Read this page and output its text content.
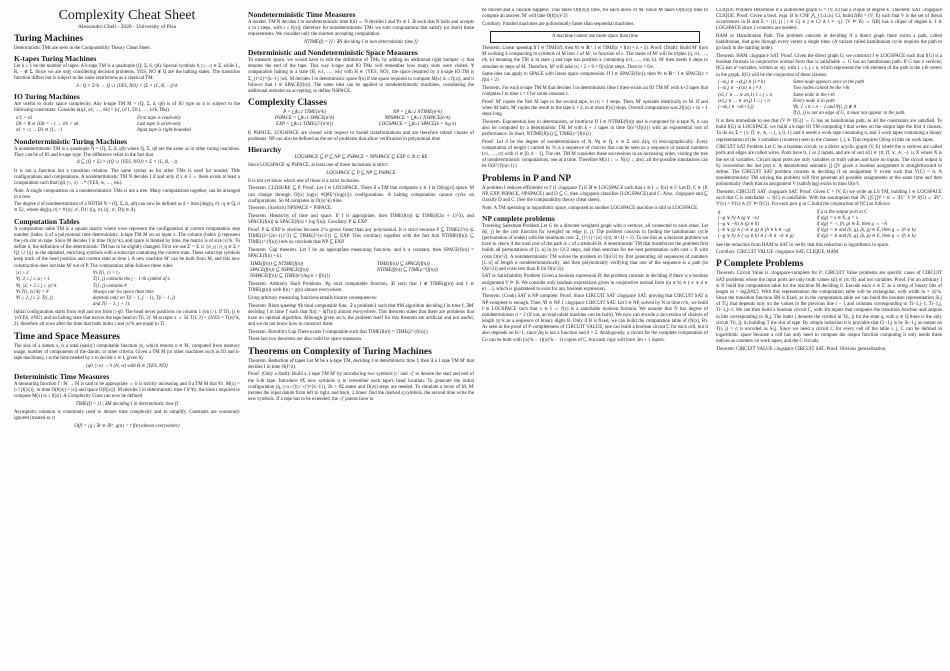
Complexity Cheat Sheet
Alessandro Cheli - 2020 - University of Pisa
Turing Machines
Deterministic TMs are seen in the Computability Theory Cheat Sheet.
K-tapes Turing Machines
Let k ≥ 1 be the number of tapes. A k-tape TM is a quadruple (Q, Σ, δ, q0). Special symbols #, ▷, ◁ ∈ Σ, while L, R, – ∉ Σ. Since we are only considering decision problems, YES, NO ∉ Q are the halting states. The transition function differs but is subject to the same restrictions as a classical TM.
δ : Q × Σ^k → Q ∪ {YES, NO} × (Σ × {L, R, −})^k
IO Turing Machines
Are useful to study space complexity. Any k-tape TM M = (Q, Σ, δ, q0) is of IO type so it is subject to the following constraints. Consider δ(q1, σ1, …, σk) = (q', (σ'1, D1), …, (σ'k, Dk)).
σ'1 = σ1	First tape is read-only
Dk = R or (Dk = −) → σ'k = σk	Last tape is write-only
σ1 = ◁ → D1 ∈ {L, −}	Input tape is right-bounded
Nondeterministic Turing Machines
A nondeterministic TM is a quadruple N = (Q, Σ, Δ, q0) where Q, Σ, q0 are the same as in other turing machines. They can be of IO and k-tape type. The difference relies in the fact that
Δ ⊆ (Q × Σ) × ((Q ∪ {YES, NO}) × Σ × {L, R, −})
It is not a function but a transition relation. The same syntax as for other TMs is used for nondet. TMs configurations and computations. A nondeterministic TM N decides I if and only if x ∈ I ⇔ there exists at least a computation such that (q0, ▷, x) →* (YES, w, …, wk).
Note. A single computation on a nondeterministic TMs is not a tree. Many computations together, can be arranged in a tree.
The degree d of nondeterminism of a NDTM N = (Q, Σ, Δ, q0) can now be defined as d = max{deg(q, σ) | q ∈ Q, σ ∈ Σ}, where deg(q, σ) = #{(q', σ', D) | ((q, σ), (q', σ', D)) ∈ Δ}
Computation Tables
A computation table TM is a square matrix where rows represent the configuration at current computation step number (index i) of a polynomial time deterministic, k-tape TM M on an input x. The column (index j) represent the j-th slot on tape. Since M decides I in time O(|x|^k), and space is limited by time, the matrix is of size |x|^k. To define it, the definition of the deterministic TM has to be slightly changed. First we use Σ' = Σ ∪ {σ_q | σ_q ∈ Σ × Q} ∪ {q} as the alphabet, enriching symbols with a subscript containing the current state. These subscript symbols keep track of the head position and current state at time i. A new machine M' can be built from M, and this new construction does not take M' out of P. The computation table follows these rules:
|x| ≥ 2	∀i.T(i, 1) = ▷
∀j. 2 ≤ j ≤ |x| + 1	T(1, j) contains the j − 1-th symbol of x
∀j. |x| + 2 ≤ j ≤ |x|^k	T(1, j) contains #
∀i.T(i, |x|^k) = #	Always our les space than time
∀i ≥ 2, j ≥ 2. T(i, j)	depends only on T(i − 1, j − 1), T(i − 1, j)
	and T(i − 1, j + 1).
Initial configuration starts from σq0 and not from ▷q0. The head never positions on column 1 (on ▷). If T(i, j) ∈ {σYES, σNO} and an halting state that moves the tape head to T(i, 2). M accepts x ⇔ ∃i. T(i, 2) = σYES = T(|x|^k, 2), therefore all rows after the time that halts index i and |x|^k are equal to Ti.
Time and Space Measures
The size of a datum x, is a total (easily) computable function |x|, which returns n ∈ ℕ, computed from memory usage, number of components of the datum, or other criteria. Given a TM M (or other machines such as IO and k-tape machines), t is the time needed by x to decide x ∈ I, given by
(q0, ▷x) →^t (H, w) with H ∈ {YES, NO}
Deterministic Time Measures
A measuring function f : ℕ → ℕ is said to be appropriate ⇔ it is strictly increasing and ∃ a TM M that ∀x. M(x) = ▷^{f(|x|)}, in time O(f(|x|) + |x|) and space O(f(|x|)). M decides I in deterministic time f if ∀x, the time t required to compute M(x) is ≤ f(|x|). A Complexity Class can now be defined:
TIME(f) = {I | ∃M deciding I in deterministic time f}
Asymptotic notation is commonly used to denote time complexity and to simplify. Constants are commonly ignored (treated as r)
O(f) = {g | ∃r ∈ ℝ⁺. g(n) < r f(n) almost everywhere}
Nondeterministic Time Measures
A nondet. TM N decides I in nondeterministic time f(n) ⇔ N decides I and ∀x ∈ I. ∃t such that N halts and accepts x in t steps, with t ≤ f(|x|); therefore for nondeterministic TMs we sum computations that satisfy (or don't) these requirements. We consider only the shortest accepting computation.
NTIME(f) = {I | ∃N deciding I in non deterministic time f}
Deterministic and Nondeterministic Space Measures
To measure space, we would have to edit the definition of TMs, by adding an additional right bumper ◁ that denotes the end of the tape. This way k-tape and IO TMs will remember how many slots were visited. ∀ computation halting in a state (H, w1, …, wk) with H ∈ {YES, NO}, the space required by a k-tape IO TM is Σ_{i=2}^{k−1} |wi|. M decides I in deterministic space f(n) if the space required to compute M(x) is ≤ f(|x|), and it follows that I ∈ SPACE(f(n)). The same idea can be applied to nondeterministic machines, considering the additional restraint on accepting, to define NSPACE.
Complexity Classes
P = ⋃k≥1 TIME(n^k)	NP = ⋃k≥1 NTIME(n^k)
PSPACE = ⋃k≥1 SPACE(n^k)	NPSPACE = ⋃k≥1 NSPACE(n^k)
EXP = ⋃k≥1 TIME(2^{n^k})	LOGSPACE = ⋃k≥1 SPACE(k × log n)
P, PSPACE, LOGSPACE are closed with respect to model transformations and are therefore robust classes of problems. NP can also be defined as the set of problems that allow verification in polynomial time
Hierarchy
LOGSPACE ⊆ P ⊆ NP ⊆ PSPACE = NPSPACE ⊆ EXP ⊂ R ⊂ RE
Since LOGSPACE ⊊ PSPACE, at least one of those inclusions is strict:
LOGSPACE ⊆ P ⊆ NP ⊆ PSPACE
It is not yet know which one of those is a strict inclusion.
Theorem. CLOSURE ⊆ P. Proof. Let I ∈ LOGSPACE. There ∃ a TM that computes x ∈ I in O(log|x|) space. M can change through O(|x| log|x| #Q#Σ^{log|x|}) configurations. A halting computation cannot cycle on configurations. So M computes in O(|x|^k) time.
Theorem. (Savitch) NPSPACE = PSPACE.
Theorem. Hierarchy of time and space. If f is appropriate, then TIME(f(n)) ⊊ TIME(f(2n + 1)^3), and SPACE(f(n)) ⊊ SPACE(f(n) × log f(n)). Corollary. P ⊊ EXP
Proof. P ⊊ EXP is obvious because 2^n grows faster than any polynomial. It is strict because P ⊆ TIME(2^n) ⊊ TIME((2^{2n+1})^3) ⊆ TIME(2^{n^2}) ⊆ EXP. This corollary, together with the fact that NTIME(f(n)) ⊆ TIME(c^{f(n)}) lets us conclude that NP ⊆ EXP.
Theorem. Gap theorem. Let f be an appropriate measuring function, and k a constant, then SPACE(f(n)) = SPACE(f(n) + k).
TIME(f(n)) ⊆ NTIME(f(n))	TIME(f(n)) ⊆ SPACE(f(n))
SPACE(f(n)) ⊆ NSPACE(f(n))	NTIME(f(n)) ⊆ TIME(c^{f(n)})
NSPACE(f(n)) ⊆ TIME(k^{log n + f(n)})	
Theorem. Arbitrary Hard Problems. ∀g total computable function, ∃I such that I ∉ TIME(g(n)) and I ∈ TIME(g(n)) with f(n) > g(n) almost everywhere.
Using arbitrary measuring functions entails bizarre consequences:
Theorem. Blum speedup ∀h total computable func. ∃ a problem I such that ∀M algorithm deciding I in time f, ∃M' deciding I in time f' such that f(n) > h(f'(n)) almost everywhere. This theorem states that there are problems that have no optimal algorithm. Although given an h, the problem itself for this theorem are artificial and not useful, and we do not know how to construct them.
Theorem. Borodin's Gap There exists f computable such that TIME(f(n)) = TIME(2^{f(n)})
These last two theorems are also valid for space measures.
Theorems on Complexity of Turing Machines
Theorem. Reduction of tapes Let M be a k-tape TM, deciding I in deterministic time f, then ∃ a 1 tape TM M' that decides I in time O(f^2).
Proof. (Only a draft): Build a 1 tape TM M' by introducing two symbols ▷' and ◁' to denote the start and end of the k-th tape. Introduce #Σ new symbols σ̲ to remember each tape's head location. To generate the initial configuration (q, ▷x◁'(▷'◁')^{k−1}), 2k + #Σ states and O(|x|) steps are needed. To simulate a move of M, M' iterates the input datum from left to right, and back, 2 times: find the marked σ̲ symbols, the second time write the new symbols. If a tape has to be extended, the ◁' parens have to
be moved and a cascade happens. This takes O(f(|x|)) time, for each move of M. Since M takes O(f(|x|)) time to compute an answer, M' will take O(f(|x|)^2)
Corollary. Parallel machines are polinomially faster than sequential machines.
A machine cannot use more space than time
Theorem. Linear speedup If I ∈ TIME(f), then ∀ε ∈ ℝ⁺. I ∈ TIME(ε × f(n) + n + 2). Proof. (Draft): Build M' from M working k compacting m symbols of M into 1 of M', in function of ε. The states of M' will be triples (q, σ1, …, σk, k) meaning the TM is in state q and tape has position k containing (σ1, …, σm, k). M' then needs 6 steps to simulate m steps of M. Therefore, M' will take |x| + 2 + 6 × f(|x|)/m steps. Then m = 6/ε.
Same idea can apply to SPACE with linear space compression. If I ∈ SPACE(f(n)), then ∀ε ∈ ℝ⁺. I ∈ SPACE(ε × f(n) + 2)
Theorem. For each k-tape TM M that decides I in deterministic time f there exists an IO TM M' with k+2 tapes that computes I in time c × f for some constant c.
Proof. M' copies the first M tape to the second tape, in |x| + 1 steps. Then, M' operates identically to M. If and when M halts, M' copies the result to the tape k + 2, in at most f(|x|) steps. Overall computation was 2f(|x|) + |x| + 1 steps long.
Theorem. Exponential loss in determinism, or brutforce If I ∈ NTIME(f(n)) and is computed by k-tape N, it can also be computed by a deterministic TM M with k + 1 tapes in time O(c^{f(n)}) with an exponential loss of performance. In short, NTIME(f(n)) ⊆ TIME(c^{f(n)})
Proof. Let d be the degree of nondeterminism of N. ∀q ∈ Q, σ ∈ Σ sort Δ(q, σ) lexicographically. Every computation of length t carried by N is a sequence of choices that can be seen as a sequence of natural numbers (c1, …, ct) with ci ∈ [0, d − 1]. The det. TM M considers these successions in an increasing order, visiting the tree of nondeterministic computations, one at a time. Therefore M(x) ↓ ⇔ N(x) ↓, also, all the possible simulations can be O(d^{f(n)+1}).
Problems in P and NP
A problem I reduces efficiently to I' (I ≤logspace I') if ∃f ∈ LOGSPACE such that x ∈ I ⇔ f(x) ∈ I'. Let D, C ∈ {P, NP, EXP, PSPACE, NPSPACE} and D ⊆ C, then ≤logspace classifies (LOGSPACE) and C. Also, ≤logspace and ⊆ classify D and C. (See the computability theory cheat sheet).
Note. A TM operating in logarithmic space, composed to another LOGSPACE machine is still in LOGSPACE.
NP complete problems
Traveling Salesman Problem Let G be a directed weighted graph with n vertices, all connected to each other. Let d(i, j) be the cost function for (weight) on edge (i, j). The problem consists in finding the hamiltonian cycle (permutation of nodes) with the minimum cost: Σ_{i=1}^{n} c(πi, πi+1) + 1). To see this as a decision problem we have to check if the total cost of the path is ≤ of a treshold B. A deterministic TM that bruteforces the problem first builds all permutations of [1..n] in (n−1)!/2 steps, and then searches for the best permutation with cost ≤ B with costs O(n^2). A nondeterministic TM solves the problem in O(n^2) by first generating all sequences of numbers [1..n] of length n nondeterministically, and then polynomially verifying that one of the sequence is a path (in O(n^2)) and costs less than B (in O(n^2)).
SAT or Satisfiability Problem Given a boolean expression B, the problem consists in deciding if there is a boolean assignment V ⊨ B. We consider only boolean expressions given in conjunctive normal form ((a ∨ b) ∧ (¬c ∨ d ∨ e) …), which is guaranteed to exist for any boolean expression.
Theorem. (Cook) SAT is NP complete. Proof. Since CIRCUIT SAT ≤logspace SAT, proving that CIRCUIT SAT is NP-complete is enough. Then, ∀I ∈ NP. I ≤logspace CIRCUIT SAT. Let I ∈ NP, solved by N in time n^k, we build f ∈ LOGSPACE such that x ∈ I ⇔ f(x) is a satisfiable boolean formula. We assume that N has degree of nondeterminism d = 2 (if not, an equivalent machine can be built). We now can encode a succession of choices of length |x|^k as a sequence of binary digits B. Only if B is fixed, we can build the computation table of (N(x), B). As seen in the proof of P-completeness of CIRCUIT VALUE, one can build a boolean circuit C for each cell, but it also depends on bi−1, since Δq is not a function and d = 2. Analogously, a circuit for the complete computation of Cn can be built with (|x|^k − 1)(|x|^k − 1) copies of C, but each copy will have 3m + 1 inputs.
CLIQUE Problem Determine if a undirected graph G = (V, E) has a clique of degree k. Theorem: SAT ≤logspace CLIQUE. Proof. Given a bool. expr. B in CNF ⋀_{1≤i≤n} Ci, build f(B) = (V, E) such that V is the set of literal occurrences in B and E = {(i, j) | i ∈ Cj ∧ j ∈ Cl ∧ l ≠ ¬j}. (V ⊨ B) ⇔ f(B) has a clique of degree k. I ∈ LOGSPACE since 2 counters are needed.
HAM or Hamiltonian Path: The problem consists in deciding if a direct graph there exists a path, called hamiltonian, that goes through every vertex a single time. (A variant called hamiltonian cycle requires the path to go back to the starting node).
Theorem. HAM ≤logspace SAT. Proof. Given the direct graph G, we construct f ∈ LOGSPACE such that f(G) is a boolean formula in conjunctive normal form that is satisfiable ⇔ G has an hamiltonian path. If G has n vertices, f(G) has n² variables, written as xij, with 1 ≤ i, j ≤ n, which represents the i-th element of the path is the j-th vertex in the graph. f(G) will be the conjuction of these clauses:
(¬xi,j ∨ ¬xk,j) ∧ (i ≠ k)	Same node appears once in the path
(¬xi,j ∨ ¬xi,k) ∧ j ≠ k	Two nodes cannot be the i-th
(x1,1 ∨ … ∨ xn,1) 1 ≤ j ≤ n	Same node in the i-th
(x1,j ∨ … ∨ xn,j) 1 ≤ j ≤ n	Every node is in path
(¬xk,i ∨ ¬xk+1,j)	∀k. 1 ≤ k ≤ n − 1 and ∀(i, j) ∉ A
	If (i, j) is not an edge of G, it must not appear in the path.
It is then immediate to see that (V ⊨ f(G)) ⇔ G has an hamiltonian path, as all the constraints are satisfied. To build f(G) in LOGSPACE, we build a k-tape IO TM computing f that writes on the output tape the first 4 clauses. To do so, Σ = {x, ff, ∨, ∧, ¬, (, ), 0, 1} and it needs a work tape containing n, and 3 work tapes containing a binary representation of the 3 variables (counters) seen in the clauses: i, j, k. This requires O(log n) bits on work tapes.
CIRCUIT SAT Problem Let C be a boolean circuit, or a direct acyclic graph (V, E) where the n vertices are called ports and edges are called wires. Ports have 0, 1 or 2 inputs, and are of sort s(i) ∈ {tt, ff, ∨, ∧, ¬} ∪ X where X is the set of variables. Circuit input ports are only variables or truth values and have no inputs. The circuit output is by convention the last port n. A denotational semantic [[·]]V given a boolean assignment is straightforward to define. The CIRCUIT SAT problem consists in deciding if an assignment V exists such that V(C) = tt. A nondeterministic TM solving the problem will first generate all possible assignments at the same time and then polinomially check that an assignment V (satisfying) exists in time O(n²).
Theorem. CIRCUIT SAT ≤logspace SAT. Proof. Given C = (V, E) we write an LS TM, building f ∈ LOGSPACE such that C is satisfiable ⇔ f(C) is satisfiable. With the assumption that ∃V. [[C]]V = tt ⇔ ∃V'. V ⊨ f(C) ⇔ ∃V'. V'(x) = V(x) ∧ (V' ⊨ f(C)). For each port g in C build the conjunction of f(C) as follows:
g	if g is the output port in C
(¬g ∨ h) ∧ (g ∨ ¬x)	if s(g) = x ∈ X, g = x
(¬g ∨ ¬h) ∧ (g ∨ h)	if s(g) = ¬, (h, g) ∈ E, then g ⇔ ¬h
(¬h ∨ g) ∧ (¬k ∨ g) ∧ (h ∨ k ∨ ¬g)	if s(g) = ∨ and (h, g), (k, g) ∈ E, then g ⇔ (h ∨ k)
(¬g ∨ h) ∧ (¬g ∨ k) ∧ (¬h ∨ ¬k ∨ g)	if s(g) = ∧ and (h, g), (k, g) ∈ E, then g ⇔ (h ∧ k)
See the reduction from HAM to SAT to verify that this reduction is logarithmic in space.
Corollary. CIRCUIT VALUE ≤logspace SAT, CLIQUE, HAM
P Complete Problems
Theorem. Circuit Value is ≤logspace-complete for P: CIRCUIT Value problems are specific cases of CIRCUIT SAT problems where the input ports are only truth values s(i) ∈ {tt, ff} and not variables. Proof. For an arbitrary I ∈ P, build the computation table for the machine M deciding it. Encode each σ ∈ Σ' as a string of binary bits of length m = log2(#Σ'). With this representation the computation table will be rectangular, with width m × |x|^k. Since the transition function δM is fixed, as in the computation table we can build the boolean representation Si,j of Ti,j that depends only on the values in the previous line i − 1 and columns corresponding to Ti−1,j−1, Ti−1,j, Ti−1,j+1. We can then build a boolean circuit C, with 3m inputs that computes the transition function and outputs in bits corresponding to Si,j. The index j denotes the symbol in T(i, j) for the state q, with q ∈ Q there is the only circuit T(i, j), in building T the slot of tape. By simple induction it is provable that Ci−1,j is by Si−1,j as output on T(i, j) = σ is encoded as Si,j. Since we need a circuit C for every cell of the table i, j, C can be defined in logarithmic space because a cell has only need to compute the output function computing it only needs these indices as counters on work tapes, and the C circuits.
Theorem. CIRCUIT VALUE ≤logspace CIRCUIT SAT. Proof. Obvious generalization.
